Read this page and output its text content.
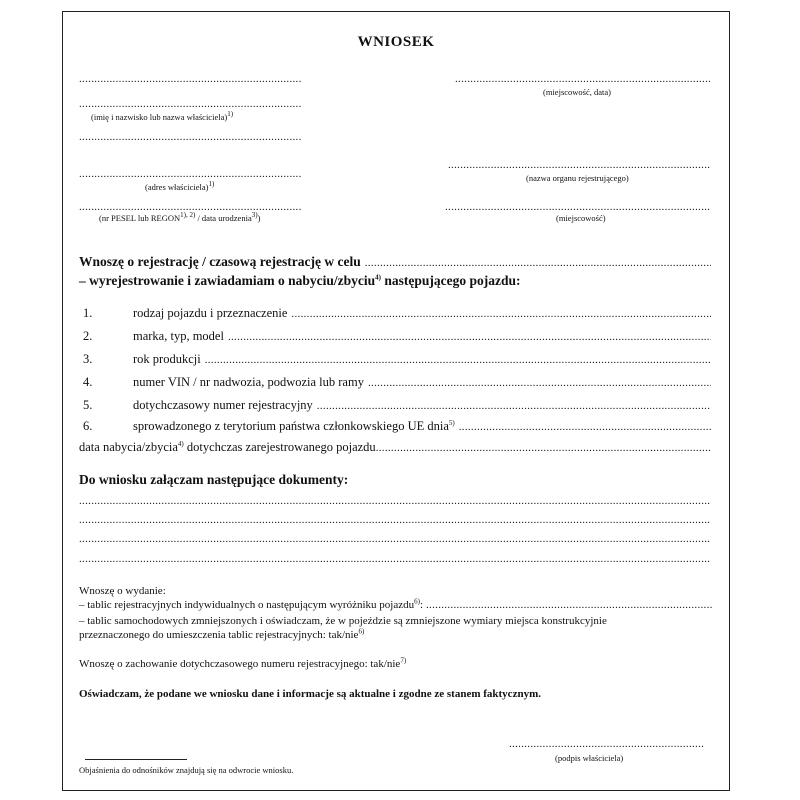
WNIOSEK
.....
.....
(imię i nazwisko lub nazwa właściciela)$^{1)}$
.....
(miejscowość, data)
.....
.....
(adres właściciela)$^{1)}$
.....
(nazwa organu rejestrującego)
.....
(nr PESEL lub $REGON^{1), 2)}$ / data urodzenia$^{3)}$)
.....	(miejscowość)
Wnoszę o rejestrację / czasową rejestrację w celu
.....
– wyrejestrowanie i zawiadamiam o nabyciu/zbyciu$^{4)}$ następującego pojazdu:
1.	rodzaj pojazdu i przeznaczenie
.....
2.	marka, typ, model
.....
3.	rok produkcji
.....
4.	numer VIN / nr nadwozia, podwozia lub ramy
.....
5.	dotychczasowy numer rejestracyjny
.....
6.	sprowadzonego z terytorium państwa członkowskiego UE dnia$^{5)}$
.....
data nabycia/zbycia$^{4)}$ dotychczas zarejestrowanego pojazdu
.....
Do wniosku załączam następujące dokumenty:
.....
.....
.....
.....
Wnoszę o wydanie:
– tablic rejestracyjnych indywidualnych o następującym wyróżniku pojazdu$^{6)}$:
.....
– tablic samochodowych zmniejszonych i oświadczam, że w pojeździe są zmniejszone wymiary miejsca konstrukcyjnie
przeznaczonego do umieszczenia tablic rejestracyjnych: tak/nie$^{6)}$
Wnoszę o zachowanie dotychczasowego numeru rejestracyjnego: tak/nie$^{7)}$
Oświadczam, że podane we wniosku dane i informacje są aktualne i zgodne ze stanem faktycznym.
Objaśnienia do odnośników znajdują się na odwrocie wniosku.
.....
(podpis właściciela)
